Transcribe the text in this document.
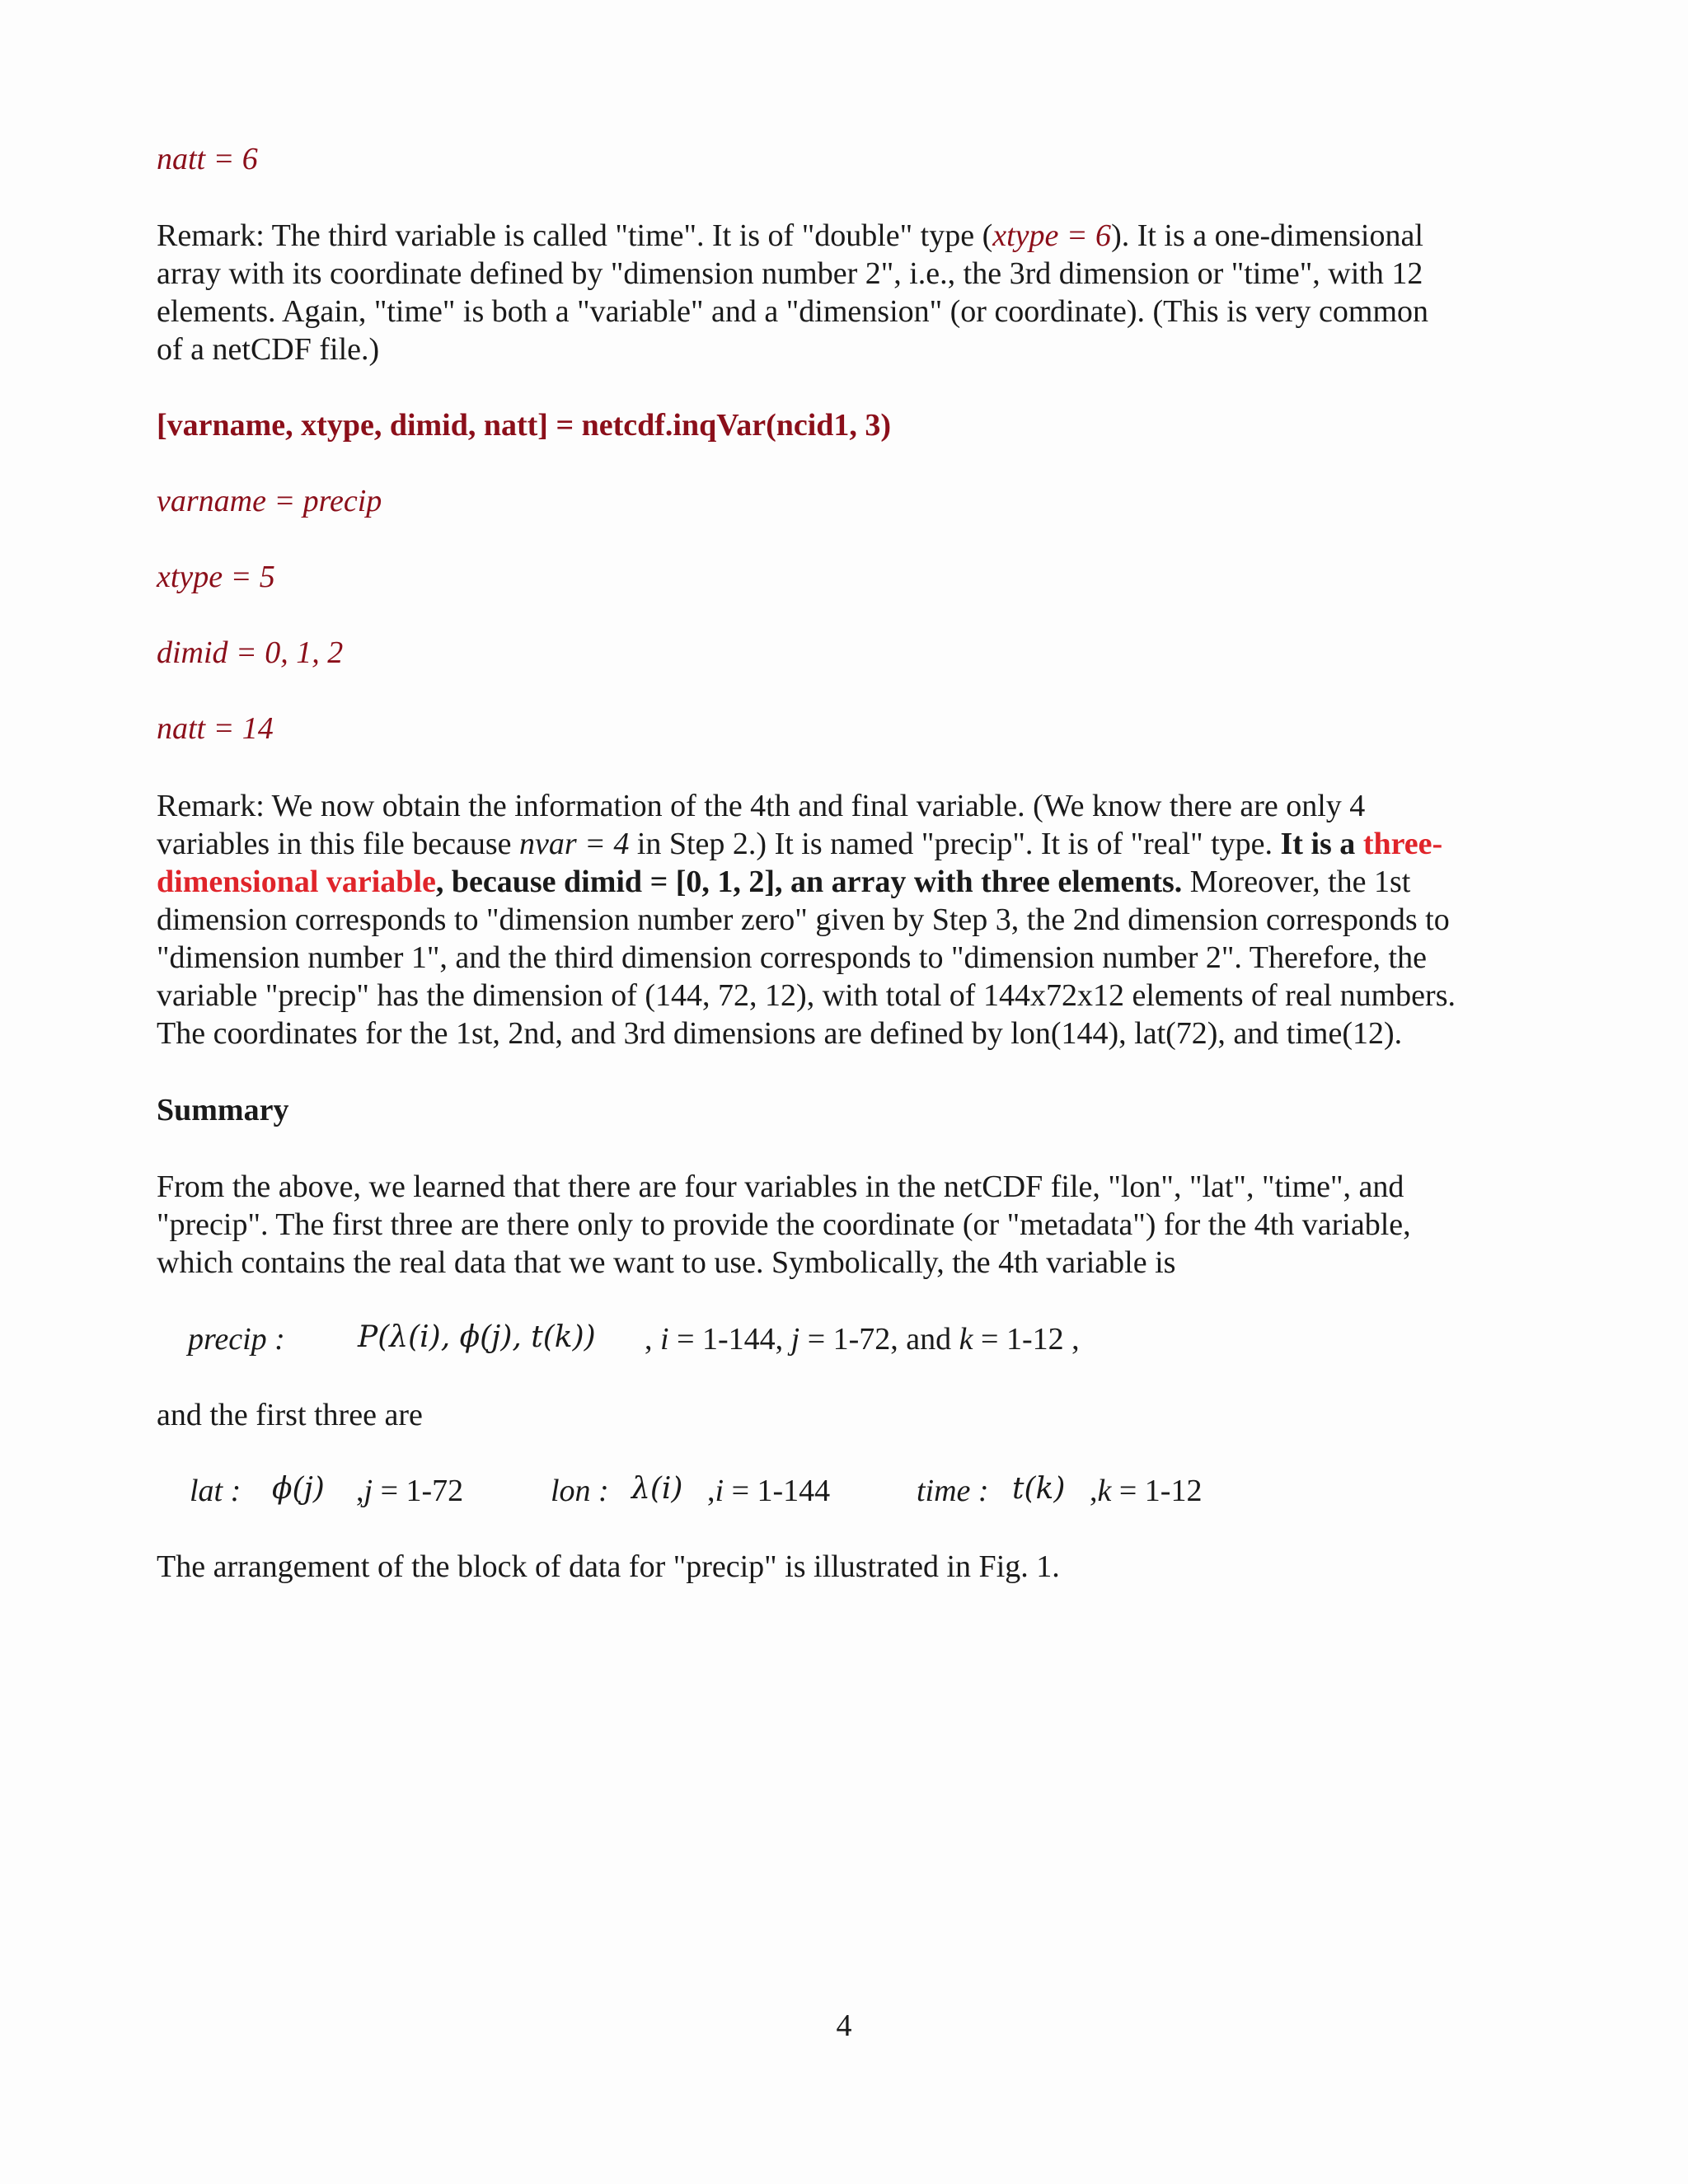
natt = 6
Remark: The third variable is called "time". It is of "double" type (xtype = 6). It is a one-dimensional
array with its coordinate defined by "dimension number 2", i.e., the 3rd dimension or "time", with 12
elements. Again, "time" is both a "variable" and a "dimension" (or coordinate). (This is very common
of a netCDF file.)
[varname, xtype, dimid, natt] = netcdf.inqVar(ncid1, 3)
varname = precip
xtype = 5
dimid = 0, 1, 2
natt = 14
Remark: We now obtain the information of the 4th and final variable. (We know there are only 4
variables in this file because nvar = 4 in Step 2.) It is named "precip". It is of "real" type. It is a three-
dimensional variable, because dimid = [0, 1, 2], an array with three elements. Moreover, the 1st
dimension corresponds to "dimension number zero" given by Step 3, the 2nd dimension corresponds to
"dimension number 1", and the third dimension corresponds to "dimension number 2". Therefore, the
variable "precip" has the dimension of (144, 72, 12), with total of 144x72x12 elements of real numbers.
The coordinates for the 1st, 2nd, and 3rd dimensions are defined by lon(144), lat(72), and time(12).
Summary
From the above, we learned that there are four variables in the netCDF file, "lon", "lat", "time", and
"precip". The first three are there only to provide the coordinate (or "metadata") for the 4th variable,
which contains the real data that we want to use. Symbolically, the 4th variable is
precip : P(λ(i), ϕ(j), t(k)) , i = 1-144, j = 1-72, and k = 1-12 ,
and the first three are
lat : ϕ(j) ,j = 1-72	lon : λ(i) ,i = 1-144	time : t(k) ,k = 1-12
The arrangement of the block of data for "precip" is illustrated in Fig. 1.
4
